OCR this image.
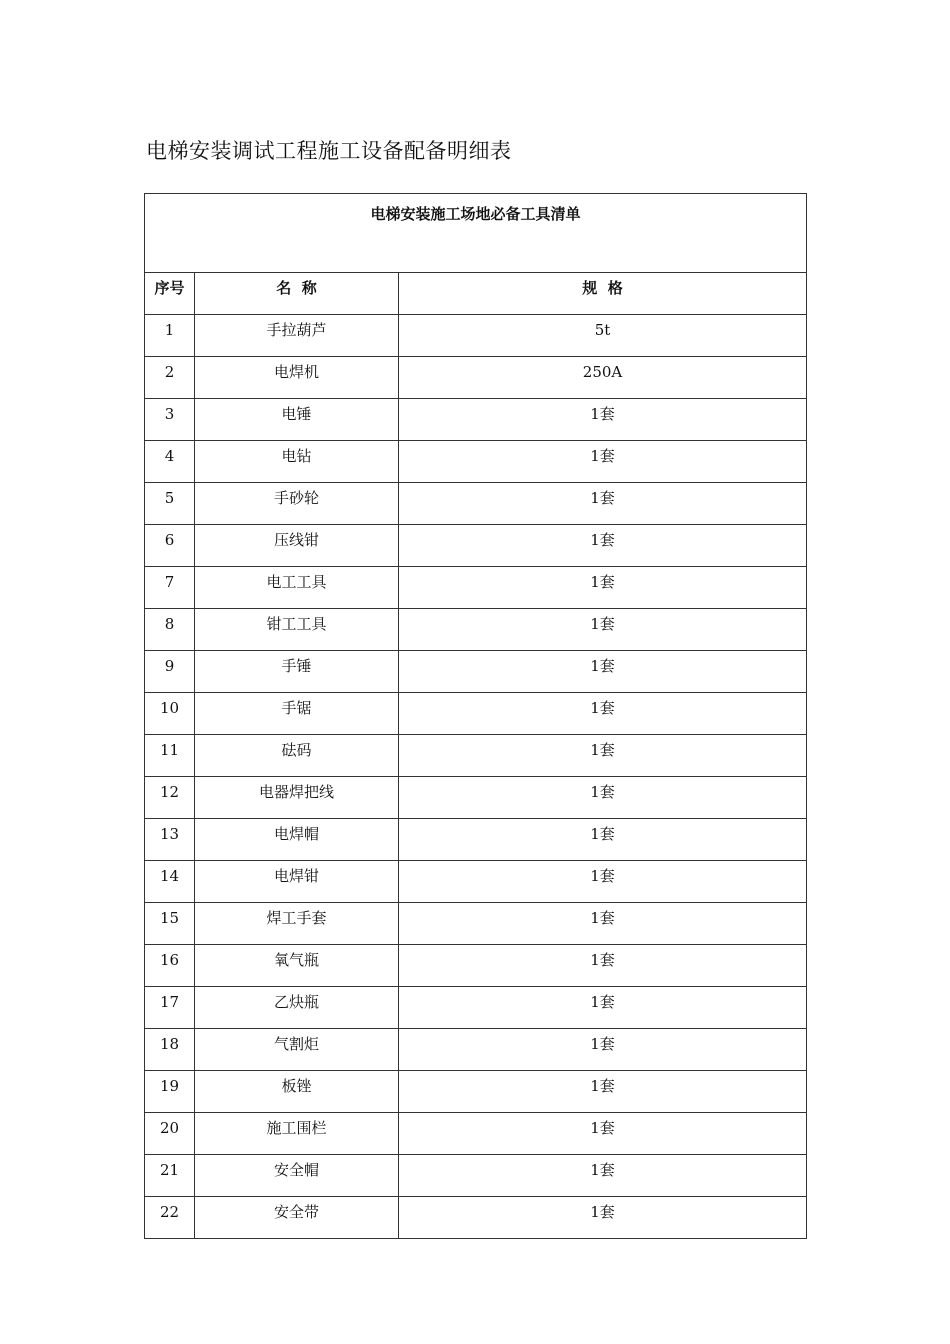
电梯安装调试工程施工设备配备明细表
电梯安装施工场地必备工具清单		
序号	名  称	规  格
1	手拉葫芦	5t
2	电焊机	250A
3	电锤	1套
4	电钻	1套
5	手砂轮	1套
6	压线钳	1套
7	电工工具	1套
8	钳工工具	1套
9	手锤	1套
10	手锯	1套
11	砝码	1套
12	电器焊把线	1套
13	电焊帽	1套
14	电焊钳	1套
15	焊工手套	1套
16	氧气瓶	1套
17	乙炔瓶	1套
18	气割炬	1套
19	板锉	1套
20	施工围栏	1套
21	安全帽	1套
22	安全带	1套
